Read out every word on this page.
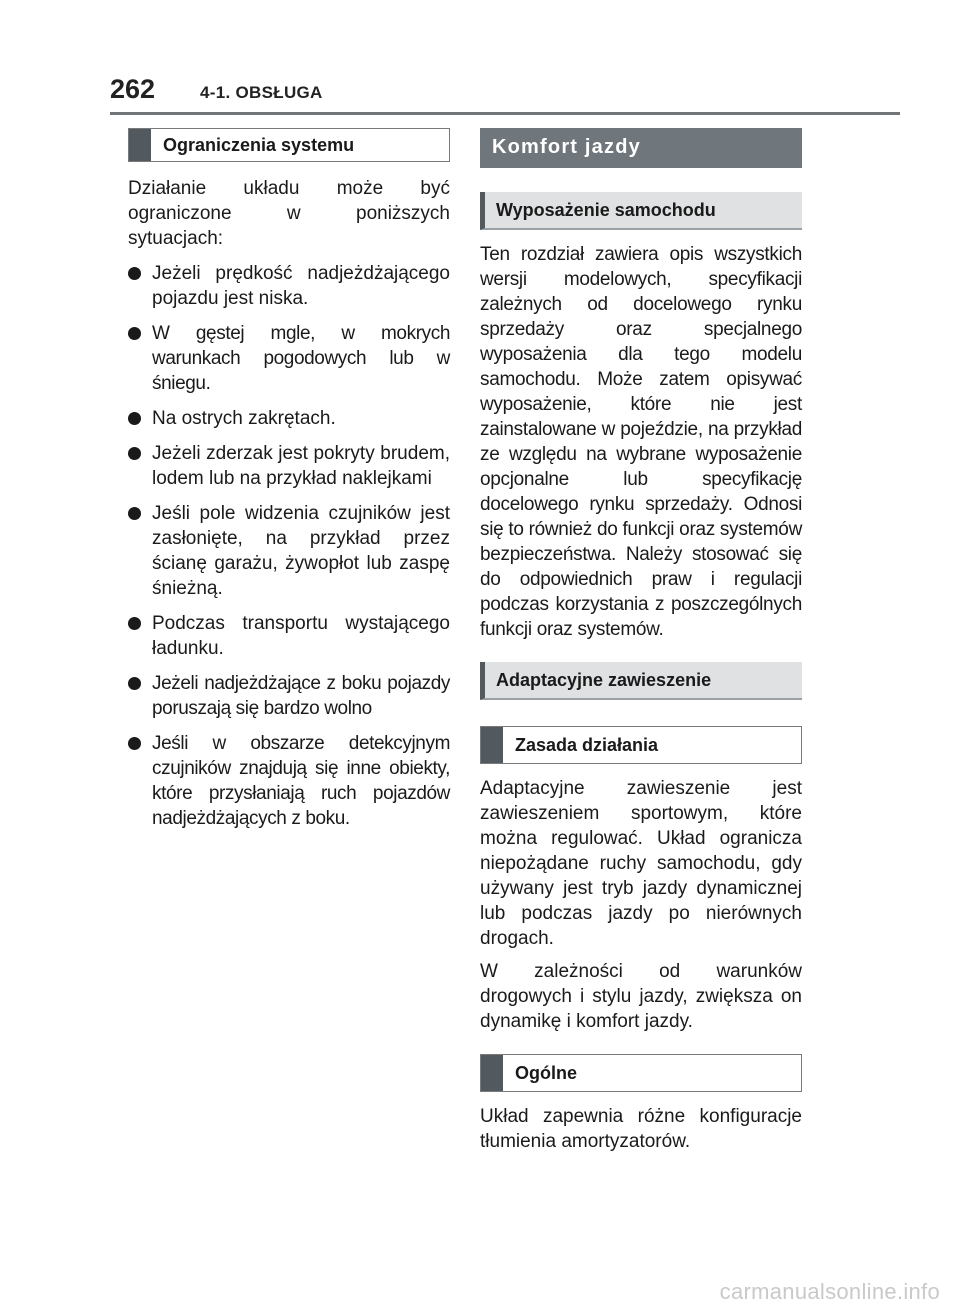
262	4-1. OBSŁUGA
Ograniczenia systemu

Działanie układu może być ograniczone w poniższych sytuacjach:

Jeżeli prędkość nadjeżdżającego pojazdu jest niska.
W gęstej mgle, w mokrych warunkach pogodowych lub w śniegu.
Na ostrych zakrętach.
Jeżeli zderzak jest pokryty brudem, lodem lub na przykład naklejkami
Jeśli pole widzenia czujników jest zasłonięte, na przykład przez ścianę garażu, żywopłot lub zaspę śnieżną.
Podczas transportu wystającego ładunku.
Jeżeli nadjeżdżające z boku pojazdy poruszają się bardzo wolno
Jeśli w obszarze detekcyjnym czujników znajdują się inne obiekty, które przysłaniają ruch pojazdów nadjeżdżających z boku.
Komfort jazdy
Wyposażenie samochodu

Ten rozdział zawiera opis wszystkich wersji modelowych, specyfikacji zależnych od docelowego rynku sprzedaży oraz specjalnego wyposażenia dla tego modelu samochodu. Może zatem opisywać wyposażenie, które nie jest zainstalowane w pojeździe, na przykład ze względu na wybrane wyposażenie opcjonalne lub specyfikację docelowego rynku sprzedaży. Odnosi się to również do funkcji oraz systemów bezpieczeństwa. Należy stosować się do odpowiednich praw i regulacji podczas korzystania z poszczególnych funkcji oraz systemów.

Adaptacyjne zawieszenie
Zasada działania

Adaptacyjne zawieszenie jest zawieszeniem sportowym, które można regulować. Układ ogranicza niepożądane ruchy samochodu, gdy używany jest tryb jazdy dynamicznej lub podczas jazdy po nierównych drogach.

W zależności od warunków drogowych i stylu jazdy, zwiększa on dynamikę i komfort jazdy.

Ogólne

Układ zapewnia różne konfiguracje tłumienia amortyzatorów.

carmanualsonline.info
